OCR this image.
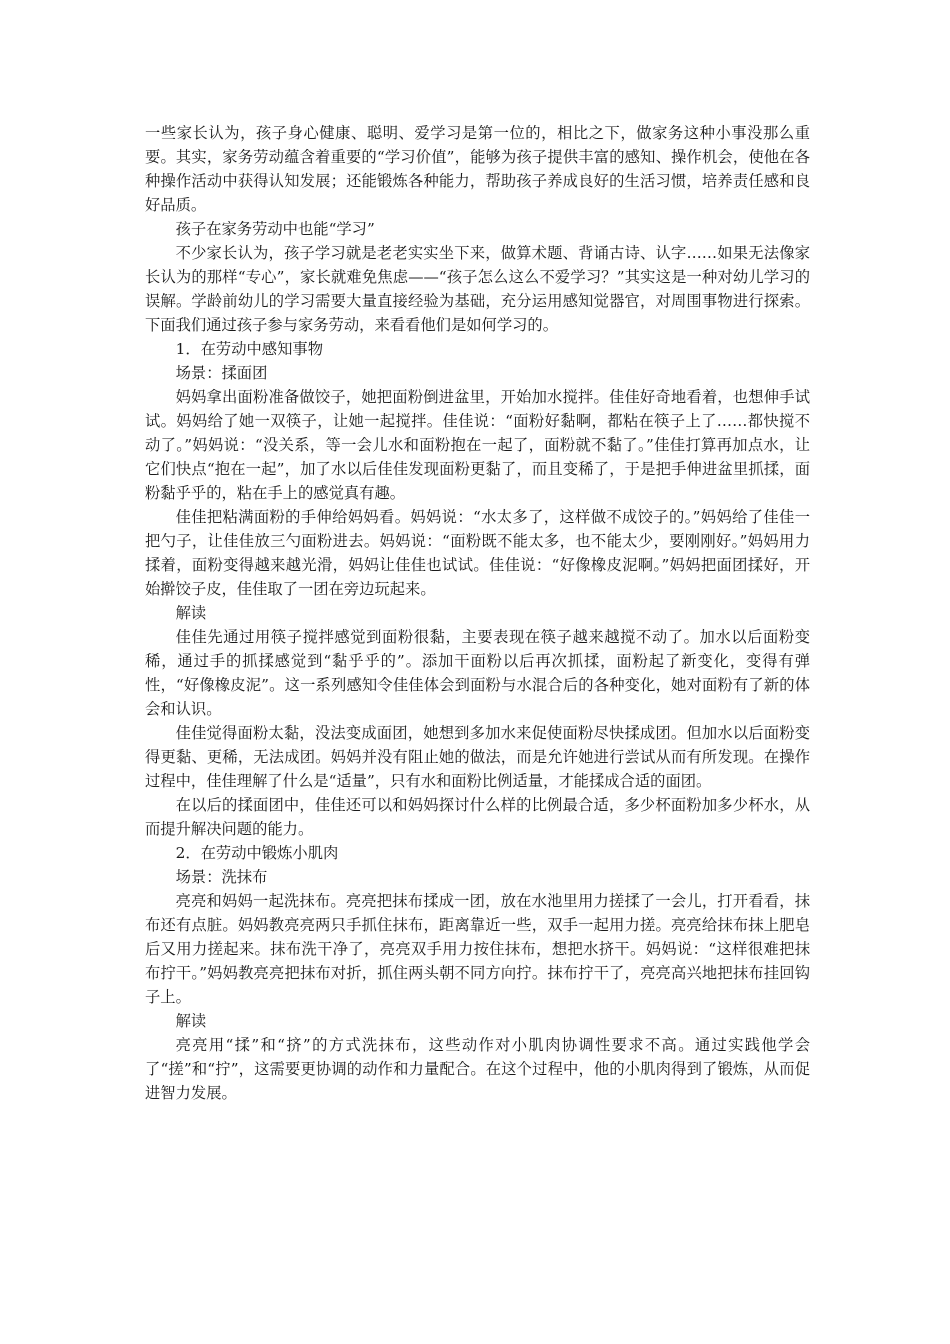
一些家长认为，孩子身心健康、聪明、爱学习是第一位的，相比之下，做家务这种小事没那么重要。其实，家务劳动蕴含着重要的“学习价值”，能够为孩子提供丰富的感知、操作机会，使他在各种操作活动中获得认知发展；还能锻炼各种能力，帮助孩子养成良好的生活习惯，培养责任感和良好品质。

孩子在家务劳动中也能“学习”

不少家长认为，孩子学习就是老老实实坐下来，做算术题、背诵古诗、认字……如果无法像家长认为的那样“专心”，家长就难免焦虑——“孩子怎么这么不爱学习？”其实这是一种对幼儿学习的误解。学龄前幼儿的学习需要大量直接经验为基础，充分运用感知觉器官，对周围事物进行探索。下面我们通过孩子参与家务劳动，来看看他们是如何学习的。

1．在劳动中感知事物

场景：揉面团

妈妈拿出面粉准备做饺子，她把面粉倒进盆里，开始加水搅拌。佳佳好奇地看着，也想伸手试试。妈妈给了她一双筷子，让她一起搅拌。佳佳说：“面粉好黏啊，都粘在筷子上了……都快搅不动了。”妈妈说：“没关系，等一会儿水和面粉抱在一起了，面粉就不黏了。”佳佳打算再加点水，让它们快点“抱在一起”，加了水以后佳佳发现面粉更黏了，而且变稀了，于是把手伸进盆里抓揉，面粉黏乎乎的，粘在手上的感觉真有趣。

佳佳把粘满面粉的手伸给妈妈看。妈妈说：“水太多了，这样做不成饺子的。”妈妈给了佳佳一把勺子，让佳佳放三勺面粉进去。妈妈说：“面粉既不能太多，也不能太少，要刚刚好。”妈妈用力揉着，面粉变得越来越光滑，妈妈让佳佳也试试。佳佳说：“好像橡皮泥啊。”妈妈把面团揉好，开始擀饺子皮，佳佳取了一团在旁边玩起来。

解读

佳佳先通过用筷子搅拌感觉到面粉很黏，主要表现在筷子越来越搅不动了。加水以后面粉变稀，通过手的抓揉感觉到“黏乎乎的”。添加干面粉以后再次抓揉，面粉起了新变化，变得有弹性，“好像橡皮泥”。这一系列感知令佳佳体会到面粉与水混合后的各种变化，她对面粉有了新的体会和认识。

佳佳觉得面粉太黏，没法变成面团，她想到多加水来促使面粉尽快揉成团。但加水以后面粉变得更黏、更稀，无法成团。妈妈并没有阻止她的做法，而是允许她进行尝试从而有所发现。在操作过程中，佳佳理解了什么是“适量”，只有水和面粉比例适量，才能揉成合适的面团。

在以后的揉面团中，佳佳还可以和妈妈探讨什么样的比例最合适，多少杯面粉加多少杯水，从而提升解决问题的能力。

2．在劳动中锻炼小肌肉

场景：洗抹布

亮亮和妈妈一起洗抹布。亮亮把抹布揉成一团，放在水池里用力搓揉了一会儿，打开看看，抹布还有点脏。妈妈教亮亮两只手抓住抹布，距离靠近一些，双手一起用力搓。亮亮给抹布抹上肥皂后又用力搓起来。抹布洗干净了，亮亮双手用力按住抹布，想把水挤干。妈妈说：“这样很难把抹布拧干。”妈妈教亮亮把抹布对折，抓住两头朝不同方向拧。抹布拧干了，亮亮高兴地把抹布挂回钩子上。

解读

亮亮用“揉”和“挤”的方式洗抹布，这些动作对小肌肉协调性要求不高。通过实践他学会了“搓”和“拧”，这需要更协调的动作和力量配合。在这个过程中，他的小肌肉得到了锻炼，从而促进智力发展。
